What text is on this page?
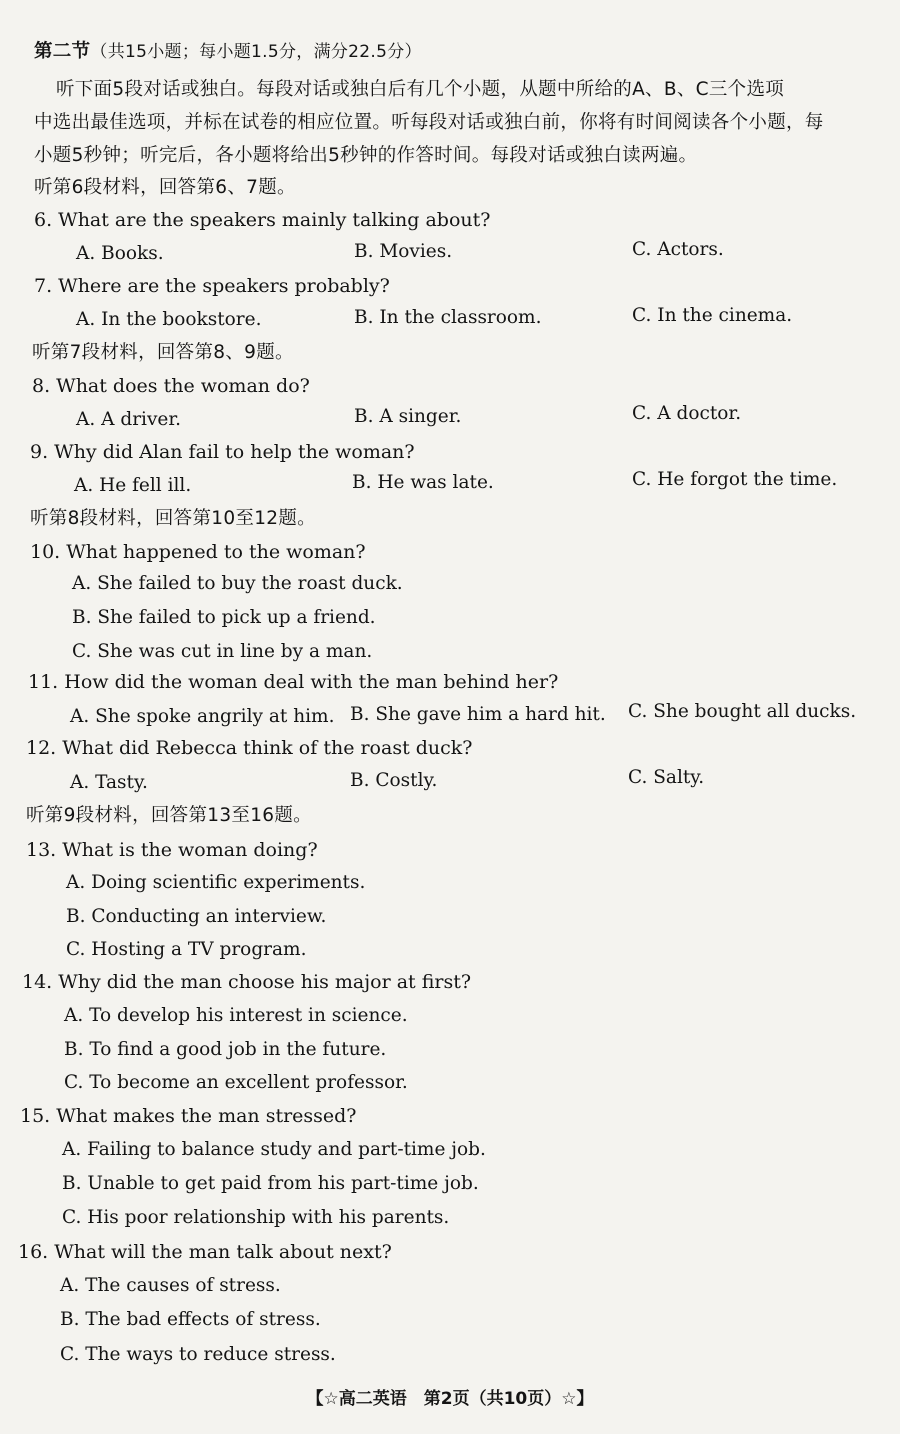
第二节（共15小题；每小题1.5分，满分22.5分）
听下面5段对话或独白。每段对话或独白后有几个小题，从题中所给的A、B、C三个选项
中选出最佳选项，并标在试卷的相应位置。听每段对话或独白前，你将有时间阅读各个小题，每
小题5秒钟；听完后，各小题将给出5秒钟的作答时间。每段对话或独白读两遍。
听第6段材料，回答第6、7题。
6. What are the speakers mainly talking about?
A. Books.	B. Movies.	C. Actors.
7. Where are the speakers probably?
A. In the bookstore.	B. In the classroom.	C. In the cinema.
听第7段材料，回答第8、9题。
8. What does the woman do?
A. A driver.	B. A singer.	C. A doctor.
9. Why did Alan fail to help the woman?
A. He fell ill.	B. He was late.	C. He forgot the time.
听第8段材料，回答第10至12题。
10. What happened to the woman?
A. She failed to buy the roast duck.
B. She failed to pick up a friend.
C. She was cut in line by a man.
11. How did the woman deal with the man behind her?
A. She spoke angrily at him. B. She gave him a hard hit. C. She bought all ducks.
12. What did Rebecca think of the roast duck?
A. Tasty.	B. Costly.	C. Salty.
听第9段材料，回答第13至16题。
13. What is the woman doing?
A. Doing scientific experiments.
B. Conducting an interview.
C. Hosting a TV program.
14. Why did the man choose his major at first?
A. To develop his interest in science.
B. To find a good job in the future.
C. To become an excellent professor.
15. What makes the man stressed?
A. Failing to balance study and part-time job.
B. Unable to get paid from his part-time job.
C. His poor relationship with his parents.
16. What will the man talk about next?
A. The causes of stress.
B. The bad effects of stress.
C. The ways to reduce stress.
【☆高二英语　第2页（共10页）☆】
